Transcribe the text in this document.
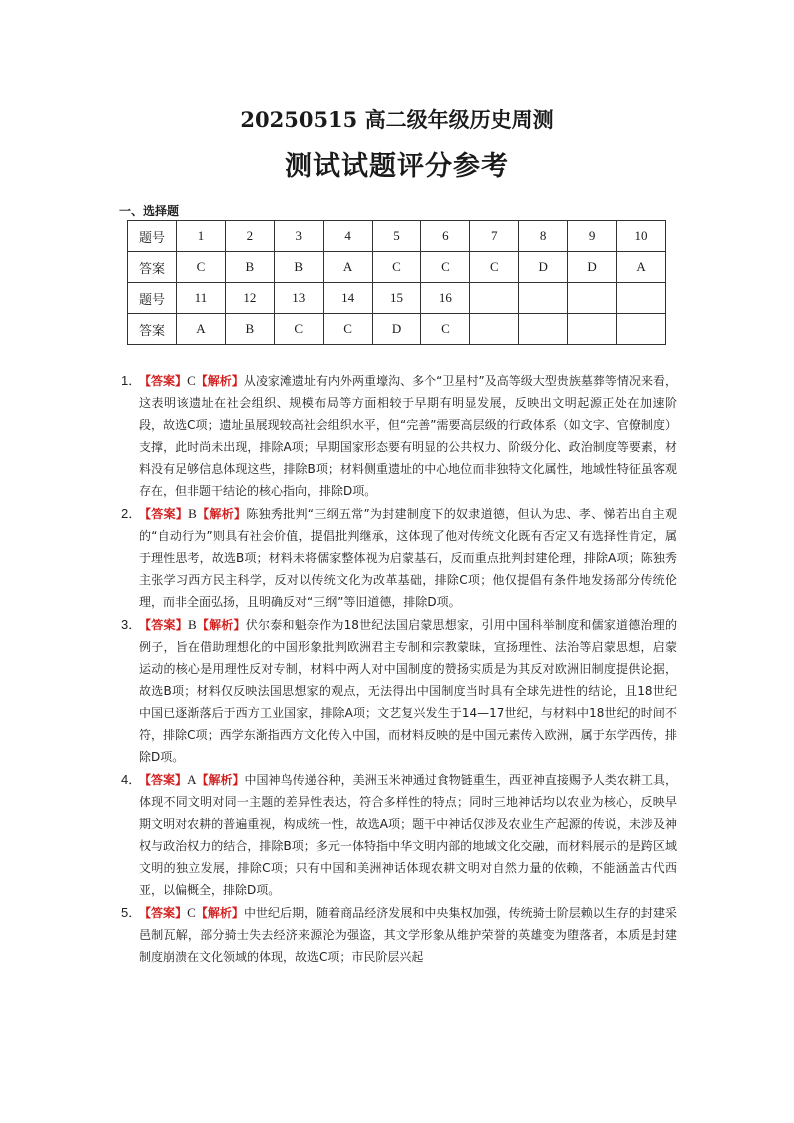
20250515 高二级年级历史周测
测试试题评分参考
一、选择题
题号	1	2	3	4	5	6	7	8	9	10
答案	C	B	B	A	C	C	C	D	D	A
题号	11	12	13	14	15	16				
答案	A	B	C	C	D	C				
1．
【答案】C【解析】从凌家滩遗址有内外两重壕沟、多个“卫星村”及高等级大型贵族墓葬等情况来看，这表明该遗址在社会组织、规模布局等方面相较于早期有明显发展，反映出文明起源正处在加速阶段，故选C项；遗址虽展现较高社会组织水平，但“完善”需要高层级的行政体系（如文字、官僚制度）支撑，此时尚未出现，排除A项；早期国家形态要有明显的公共权力、阶级分化、政治制度等要素，材料没有足够信息体现这些，排除B项；材料侧重遗址的中心地位而非独特文化属性，地域性特征虽客观存在，但非题干结论的核心指向，排除D项。
2．
【答案】B【解析】陈独秀批判“三纲五常”为封建制度下的奴隶道德，但认为忠、孝、悌若出自主观的“自动行为”则具有社会价值，提倡批判继承，这体现了他对传统文化既有否定又有选择性肯定，属于理性思考，故选B项；材料未将儒家整体视为启蒙基石，反而重点批判封建伦理，排除A项；陈独秀主张学习西方民主科学，反对以传统文化为改革基础，排除C项；他仅提倡有条件地发扬部分传统伦理，而非全面弘扬，且明确反对“三纲”等旧道德，排除D项。
3．
【答案】B【解析】伏尔泰和魁奈作为18世纪法国启蒙思想家，引用中国科举制度和儒家道德治理的例子，旨在借助理想化的中国形象批判欧洲君主专制和宗教蒙昧，宣扬理性、法治等启蒙思想，启蒙运动的核心是用理性反对专制，材料中两人对中国制度的赞扬实质是为其反对欧洲旧制度提供论据，故选B项；材料仅反映法国思想家的观点，无法得出中国制度当时具有全球先进性的结论，且18世纪中国已逐渐落后于西方工业国家，排除A项；文艺复兴发生于14—17世纪，与材料中18世纪的时间不符，排除C项；西学东渐指西方文化传入中国，而材料反映的是中国元素传入欧洲，属于东学西传，排除D项。
4．
【答案】A【解析】中国神鸟传递谷种，美洲玉米神通过食物链重生，西亚神直接赐予人类农耕工具，体现不同文明对同一主题的差异性表达，符合多样性的特点；同时三地神话均以农业为核心，反映早期文明对农耕的普遍重视，构成统一性，故选A项；题干中神话仅涉及农业生产起源的传说，未涉及神权与政治权力的结合，排除B项；多元一体特指中华文明内部的地域文化交融，而材料展示的是跨区域文明的独立发展，排除C项；只有中国和美洲神话体现农耕文明对自然力量的依赖，不能涵盖古代西亚，以偏概全，排除D项。
5．
【答案】C【解析】中世纪后期，随着商品经济发展和中央集权加强，传统骑士阶层赖以生存的封建采邑制瓦解，部分骑士失去经济来源沦为强盗，其文学形象从维护荣誉的英雄变为堕落者，本质是封建制度崩溃在文化领域的体现，故选C项；市民阶层兴起
